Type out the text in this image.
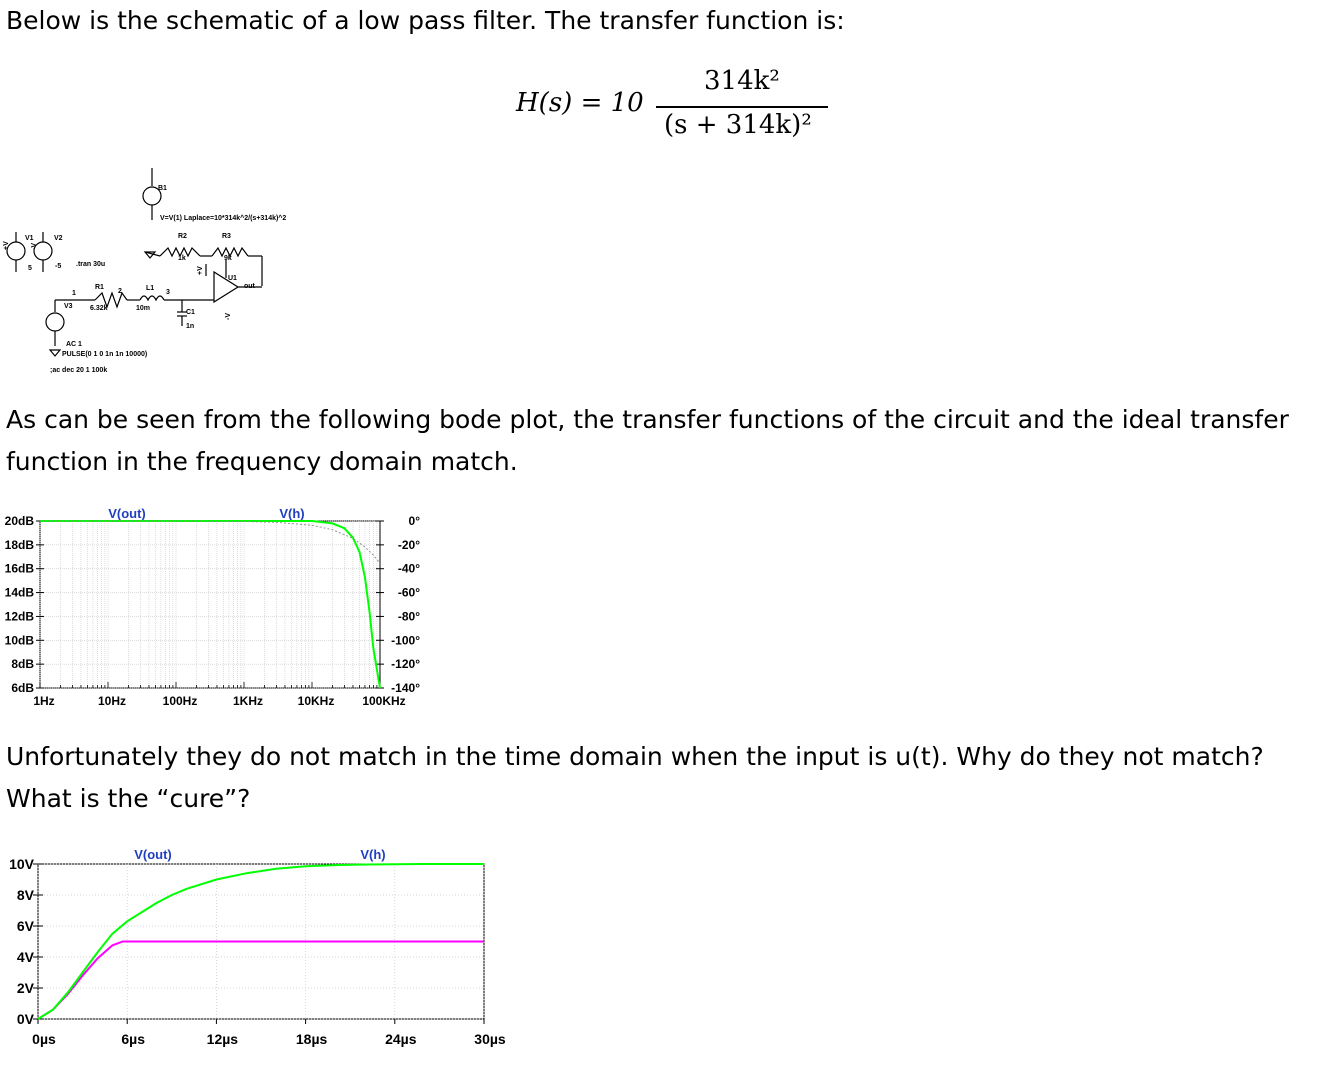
Below is the schematic of a low pass filter. The transfer function is:

H(s) = 10
314k²
(s + 314k)²
B1
V=V(1) Laplace=10*314k^2/(s+314k)^2
R2
1k
R3
9k
V1
5
V2
-5
+V	-V
.tran 30u
1
R1
6.32k
2	L1
10m
3
C1
1n
U1
out
+V
-V
V3
AC 1
PULSE(0 1 0 1n 1n 10000)
;ac dec 20 1 100k

As can be seen from the following bode plot, the transfer functions of the circuit and the ideal transfer function in the frequency domain match.

20dB
18dB
16dB
14dB
12dB
10dB
8dB
6dB
0°
-20°
-40°
-60°
-80°
-100°
-120°
-140°
1Hz	10Hz	100Hz	1KHz	10KHz 100KHz
V(out)	V(h)

Unfortunately they do not match in the time domain when the input is u(t). Why do they not match? What is the “cure”?

0µs	6µs	12µs	18µs	24µs	30µs
10V
8V
6V
4V
2V
0V
V(out)	V(h)
